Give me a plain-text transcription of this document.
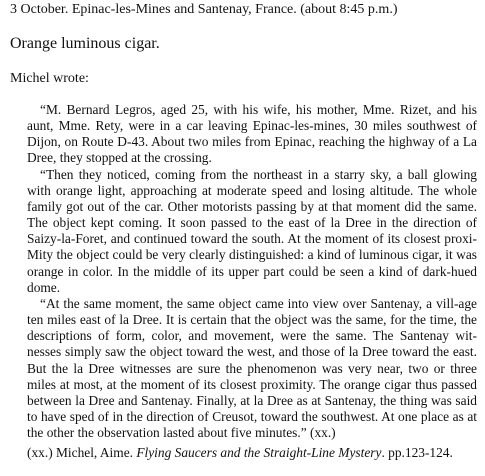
3 October. Epinac-les-Mines and Santenay, France. (about 8:45 p.m.)
Orange luminous cigar.
Michel wrote:

“M. Bernard Legros, aged 25, with his wife, his mother, Mme. Rizet, and his aunt, Mme. Rety, were in a car leaving Epinac-les-mines, 30 miles southwest of Dijon, on Route D-43. About two miles from Epinac, reaching the highway of a La Dree, they stopped at the crossing.

“Then they noticed, coming from the northeast in a starry sky, a ball glowing with orange light, approaching at moderate speed and losing altitude. The whole family got out of the car. Other motorists passing by at that moment did the same. The object kept coming. It soon passed to the east of la Dree in the direction of Saizy-la-Foret, and continued toward the south. At the moment of its closest proxi-Mity the object could be very clearly distinguished: a kind of luminous cigar, it was orange in color. In the middle of its upper part could be seen a kind of dark-hued dome.

“At the same moment, the same object came into view over Santenay, a vill-age ten miles east of la Dree. It is certain that the object was the same, for the time, the descriptions of form, color, and movement, were the same. The Santenay wit-nesses simply saw the object toward the west, and those of la Dree toward the east. But the la Dree witnesses are sure the phenomenon was very near, two or three miles at most, at the moment of its closest proximity. The orange cigar thus passed between la Dree and Santenay. Finally, at la Dree as at Santenay, the thing was said to have sped of in the direction of Creusot, toward the southwest. At one place as at the other the observation lasted about five minutes.” (xx.)

(xx.) Michel, Aime. Flying Saucers and the Straight-Line Mystery. pp.123-124.
